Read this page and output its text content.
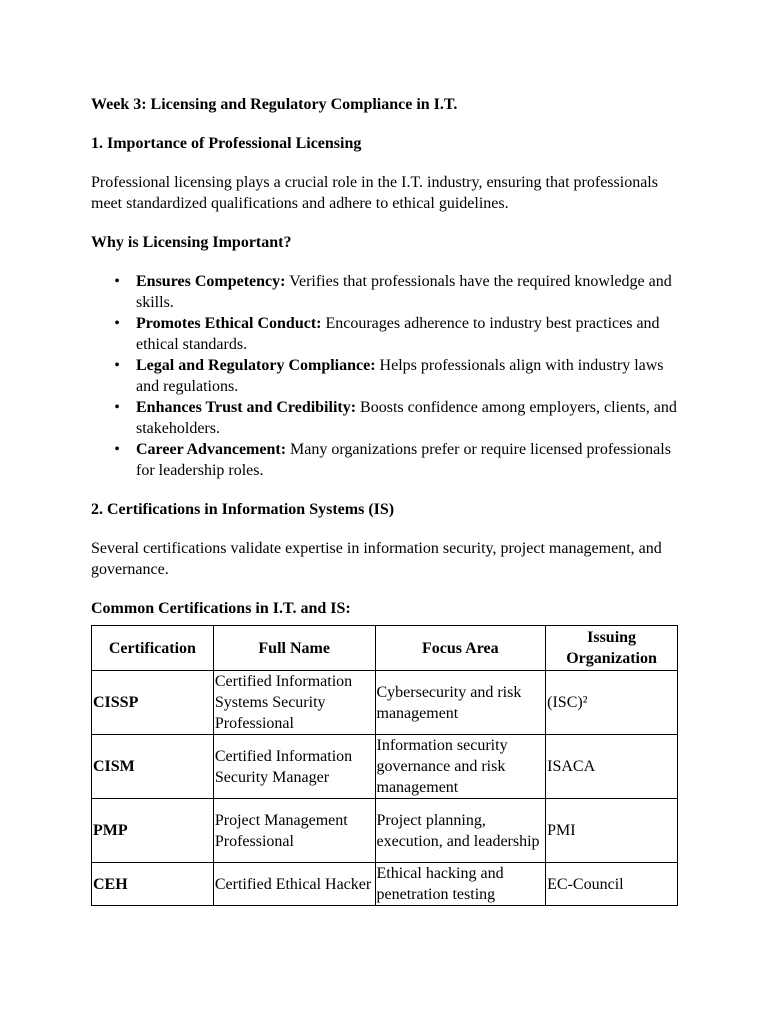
Week 3: Licensing and Regulatory Compliance in I.T.
1. Importance of Professional Licensing

Professional licensing plays a crucial role in the I.T. industry, ensuring that professionals meet standardized qualifications and adhere to ethical guidelines.

Why is Licensing Important?
• Ensures Competency: Verifies that professionals have the required knowledge and skills.
• Promotes Ethical Conduct: Encourages adherence to industry best practices and ethical standards.
• Legal and Regulatory Compliance: Helps professionals align with industry laws and regulations.
• Enhances Trust and Credibility: Boosts confidence among employers, clients, and stakeholders.
• Career Advancement: Many organizations prefer or require licensed professionals for leadership roles.
2. Certifications in Information Systems (IS)

Several certifications validate expertise in information security, project management, and governance.

Common Certifications in I.T. and IS:
Certification	Full Name	Focus Area	Issuing Organization
CISSP	Certified Information Systems Security Professional	Cybersecurity and risk management	(ISC)²
CISM	Certified Information Security Manager	Information security governance and risk management	ISACA
PMP	Project Management Professional	Project planning, execution, and leadership	PMI
CEH	Certified Ethical Hacker	Ethical hacking and penetration testing	EC-Council
